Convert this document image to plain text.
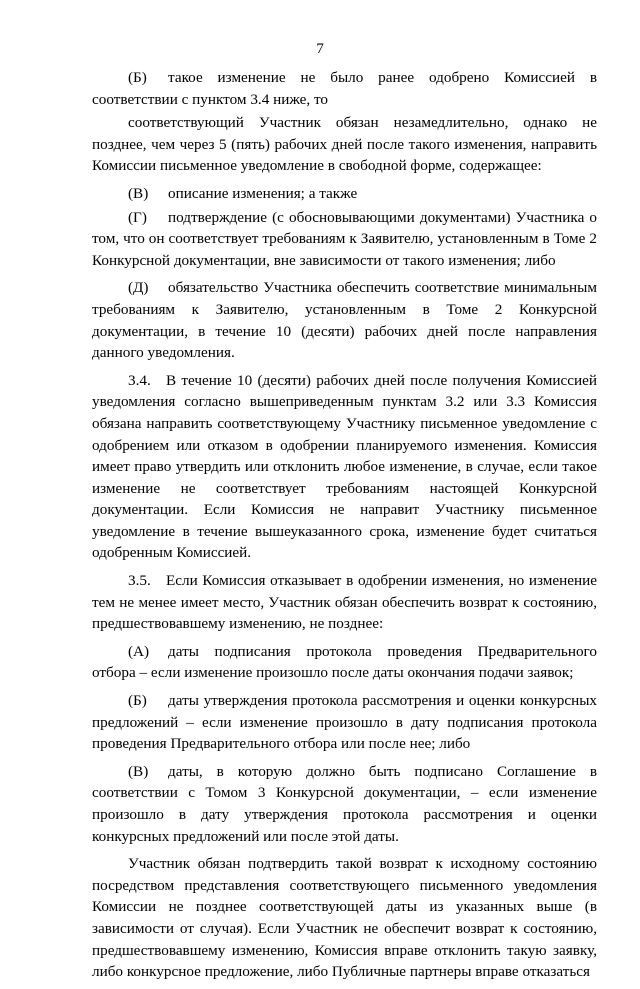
7

(Б) такое изменение не было ранее одобрено Комиссией в соответствии с пунктом 3.4 ниже, то

соответствующий Участник обязан незамедлительно, однако не позднее, чем через 5 (пять) рабочих дней после такого изменения, направить Комиссии письменное уведомление в свободной форме, содержащее:

(В) описание изменения; а также

(Г) подтверждение (с обосновывающими документами) Участника о том, что он соответствует требованиям к Заявителю, установленным в Томе 2 Конкурсной документации, вне зависимости от такого изменения; либо

(Д) обязательство Участника обеспечить соответствие минимальным требованиям к Заявителю, установленным в Томе 2 Конкурсной документации, в течение 10 (десяти) рабочих дней после направления данного уведомления.

3.4. В течение 10 (десяти) рабочих дней после получения Комиссией уведомления согласно вышеприведенным пунктам 3.2 или 3.3 Комиссия обязана направить соответствующему Участнику письменное уведомление с одобрением или отказом в одобрении планируемого изменения. Комиссия имеет право утвердить или отклонить любое изменение, в случае, если такое изменение не соответствует требованиям настоящей Конкурсной документации. Если Комиссия не направит Участнику письменное уведомление в течение вышеуказанного срока, изменение будет считаться одобренным Комиссией.

3.5. Если Комиссия отказывает в одобрении изменения, но изменение тем не менее имеет место, Участник обязан обеспечить возврат к состоянию, предшествовавшему изменению, не позднее:

(А) даты подписания протокола проведения Предварительного отбора – если изменение произошло после даты окончания подачи заявок;

(Б) даты утверждения протокола рассмотрения и оценки конкурсных предложений – если изменение произошло в дату подписания протокола проведения Предварительного отбора или после нее; либо

(В) даты, в которую должно быть подписано Соглашение в соответствии с Томом 3 Конкурсной документации, – если изменение произошло в дату утверждения протокола рассмотрения и оценки конкурсных предложений или после этой даты.

Участник обязан подтвердить такой возврат к исходному состоянию посредством представления соответствующего письменного уведомления Комиссии не позднее соответствующей даты из указанных выше (в зависимости от случая). Если Участник не обеспечит возврат к состоянию, предшествовавшему изменению, Комиссия вправе отклонить такую заявку, либо конкурсное предложение, либо Публичные партнеры вправе отказаться
